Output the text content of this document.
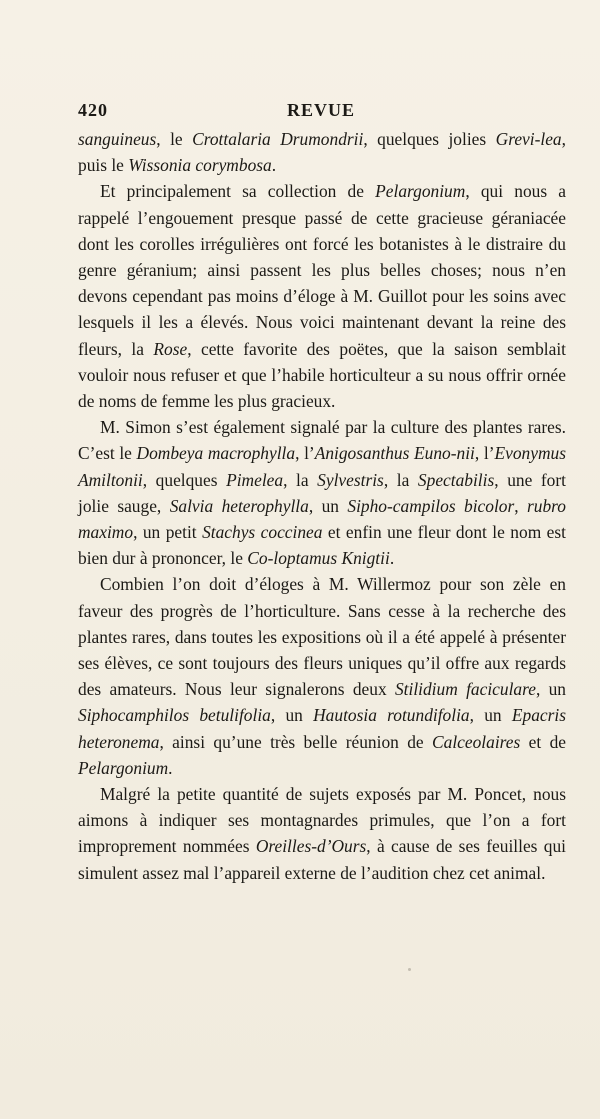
420	REVUE

sanguineus, le Crottalaria Drumondrii, quelques jolies Grevi-lea, puis le Wissonia corymbosa.

Et principalement sa collection de Pelargonium, qui nous a rappelé l’engouement presque passé de cette gracieuse géraniacée dont les corolles irrégulières ont forcé les botanistes à le distraire du genre géranium; ainsi passent les plus belles choses; nous n’en devons cependant pas moins d’éloge à M. Guillot pour les soins avec lesquels il les a élevés. Nous voici maintenant devant la reine des fleurs, la Rose, cette favorite des poëtes, que la saison semblait vouloir nous refuser et que l’habile horticulteur a su nous offrir ornée de noms de femme les plus gracieux.

M. Simon s’est également signalé par la culture des plantes rares. C’est le Dombeya macrophylla, l’Anigosanthus Euno-nii, l’Evonymus Amiltonii, quelques Pimelea, la Sylvestris, la Spectabilis, une fort jolie sauge, Salvia heterophylla, un Sipho-campilos bicolor, rubro maximo, un petit Stachys coccinea et enfin une fleur dont le nom est bien dur à prononcer, le Co-loptamus Knigtii.

Combien l’on doit d’éloges à M. Willermoz pour son zèle en faveur des progrès de l’horticulture. Sans cesse à la recherche des plantes rares, dans toutes les expositions où il a été appelé à présenter ses élèves, ce sont toujours des fleurs uniques qu’il offre aux regards des amateurs. Nous leur signalerons deux Stilidium faciculare, un Siphocamphilos betulifolia, un Hautosia rotundifolia, un Epacris heteronema, ainsi qu’une très belle réunion de Calceolaires et de Pelargonium.

Malgré la petite quantité de sujets exposés par M. Poncet, nous aimons à indiquer ses montagnardes primules, que l’on a fort improprement nommées Oreilles-d’Ours, à cause de ses feuilles qui simulent assez mal l’appareil externe de l’audition chez cet animal.
